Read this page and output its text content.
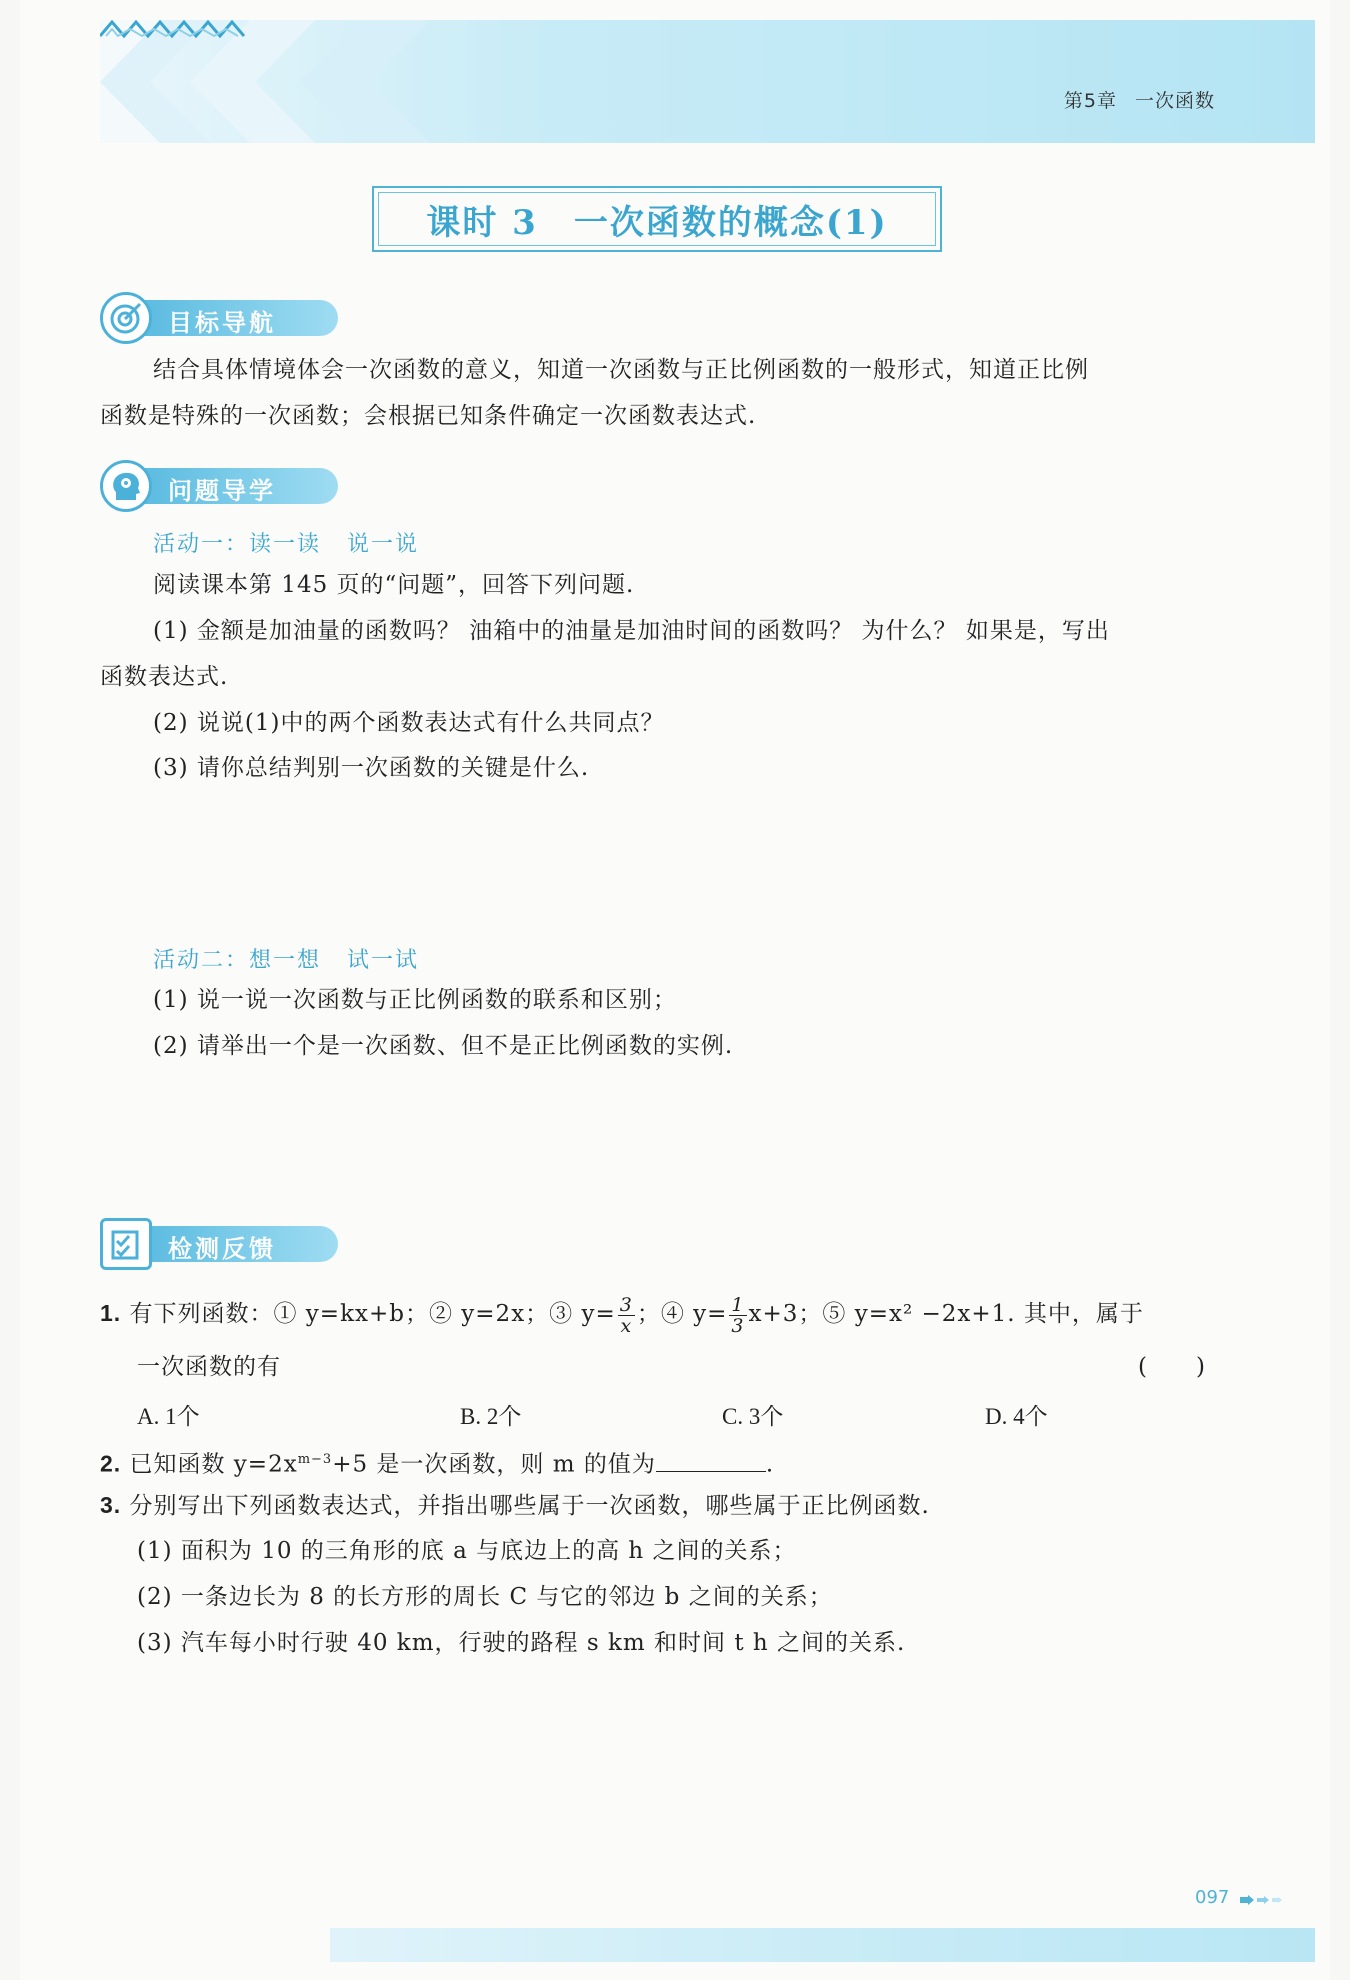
第5章 一次函数
课时 3　一次函数的概念(1)
目标导航
结合具体情境体会一次函数的意义，知道一次函数与正比例函数的一般形式，知道正比例
函数是特殊的一次函数；会根据已知条件确定一次函数表达式.
问题导学
活动一：读一读 说一说
阅读课本第 145 页的“问题”，回答下列问题.
(1) 金额是加油量的函数吗？ 油箱中的油量是加油时间的函数吗？ 为什么？ 如果是，写出
函数表达式.
(2) 说说(1)中的两个函数表达式有什么共同点？
(3) 请你总结判别一次函数的关键是什么.
活动二：想一想 试一试
(1) 说一说一次函数与正比例函数的联系和区别；
(2) 请举出一个是一次函数、但不是正比例函数的实例.
检测反馈
1. 有下列函数：① y=kx+b；② y=2x；③ $y= \frac{3}{x}$ ；④ $y= \frac{1}{3} x+3$；⑤ y=x² −2x+1. 其中，属于
一次函数的有	(　　)
A. 1个	B. 2个	C. 3个	D. 4个
2. 已知函数 $y=2x^{m-3}+5$ 是一次函数，则 m 的值为	.
3. 分别写出下列函数表达式，并指出哪些属于一次函数，哪些属于正比例函数.
(1) 面积为 10 的三角形的底 a 与底边上的高 h 之间的关系；
(2) 一条边长为 8 的长方形的周长 C 与它的邻边 b 之间的关系；
(3) 汽车每小时行驶 40 km，行驶的路程 s km 和时间 t h 之间的关系.
097
